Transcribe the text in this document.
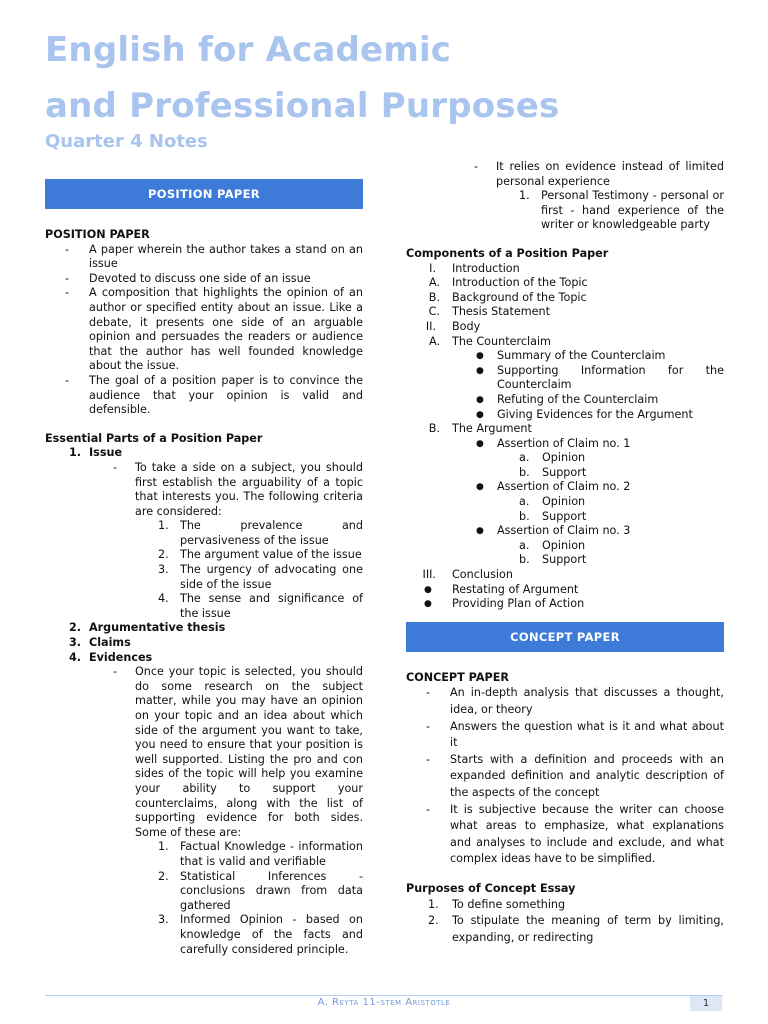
English for Academic
and Professional Purposes
Quarter 4 Notes
POSITION PAPER
POSITION PAPER
-	A paper wherein the author takes a stand on an issue
-	Devoted to discuss one side of an issue
-	A composition that highlights the opinion of an author or specified entity about an issue. Like a debate, it presents one side of an arguable opinion and persuades the readers or audience that the author has well founded knowledge about the issue.
-	The goal of a position paper is to convince the audience that your opinion is valid and defensible.
Essential Parts of a Position Paper
1. Issue
-	To take a side on a subject, you should first establish the arguability of a topic that interests you. The following criteria are considered:
1.	The prevalence and pervasiveness of the issue
2.	The argument value of the issue
3.	The urgency of advocating one side of the issue
4.	The sense and significance of the issue
2. Argumentative thesis
3. Claims
4. Evidences
-	Once your topic is selected, you should do some research on the subject matter, while you may have an opinion on your topic and an idea about which side of the argument you want to take, you need to ensure that your position is well supported. Listing the pro and con sides of the topic will help you examine your ability to support your counterclaims, along with the list of supporting evidence for both sides. Some of these are:
1.	Factual Knowledge - information that is valid and verifiable
2.	Statistical Inferences - conclusions drawn from data gathered
3.	Informed Opinion - based on knowledge of the facts and carefully considered principle.
-	It relies on evidence instead of limited personal experience
1.	Personal Testimony - personal or first - hand experience of the writer or knowledgeable party
Components of a Position Paper
I.	Introduction
A.	Introduction of the Topic
B.	Background of the Topic
C.	Thesis Statement
II.	Body
A.	The Counterclaim
●	Summary of the Counterclaim
●	Supporting Information for the Counterclaim
●	Refuting of the Counterclaim
●	Giving Evidences for the Argument
B.	The Argument
●	Assertion of Claim no. 1
a.	Opinion
b.	Support
●	Assertion of Claim no. 2
a.	Opinion
b.	Support
●	Assertion of Claim no. 3
a.	Opinion
b.	Support
III.	Conclusion
●	Restating of Argument
●	Providing Plan of Action
CONCEPT PAPER
CONCEPT PAPER
-	An in-depth analysis that discusses a thought, idea, or theory
-	Answers the question what is it and what about it
-	Starts with a definition and proceeds with an expanded definition and analytic description of the aspects of the concept
-	It is subjective because the writer can choose what areas to emphasize, what explanations and analyses to include and exclude, and what complex ideas have to be simplified.
Purposes of Concept Essay
1.	To define something
2.	To stipulate the meaning of term by limiting, expanding, or redirecting
A. Reyta 11-stem Aristotle	1
